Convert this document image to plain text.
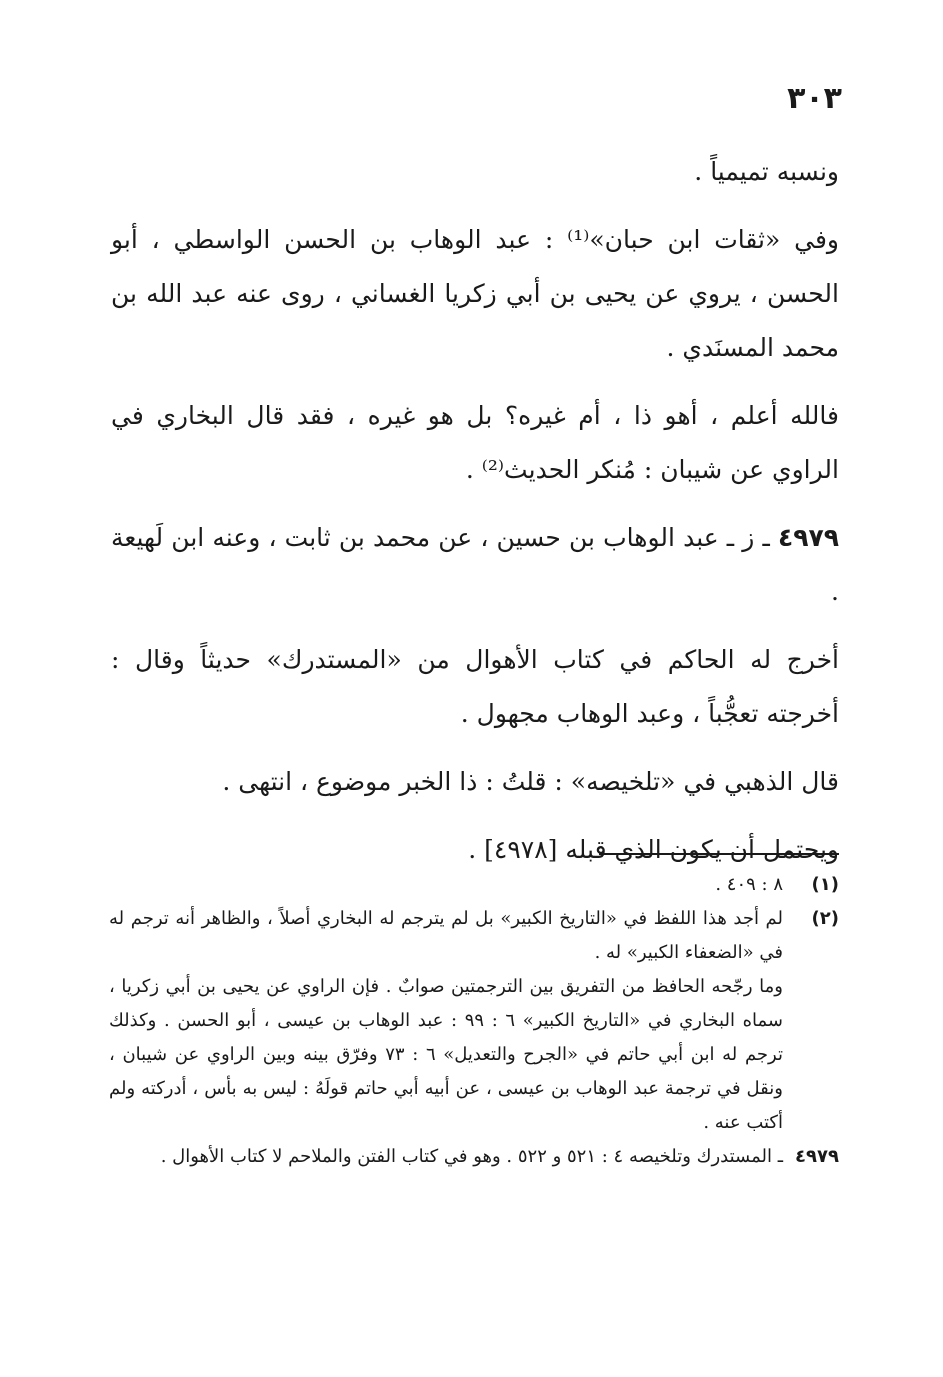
٣٠٣

ونسبه تميمياً .

وفي «ثقات ابن حبان»⁽¹⁾ : عبد الوهاب بن الحسن الواسطي ، أبو الحسن ، يروي عن يحيى بن أبي زكريا الغساني ، روى عنه عبد الله بن محمد المسنَدي .

فالله أعلم ، أهو ذا ، أم غيره؟ بل هو غيره ، فقد قال البخاري في الراوي عن شيبان : مُنكر الحديث⁽²⁾ .

٤٩٧٩ ـ ز ـ عبد الوهاب بن حسين ، عن محمد بن ثابت ، وعنه ابن لَهيعة .

أخرج له الحاكم في كتاب الأهوال من «المستدرك» حديثاً وقال : أخرجته تعجُّباً ، وعبد الوهاب مجهول .

قال الذهبي في «تلخيصه» : قلتُ : ذا الخبر موضوع ، انتهى .

ويحتمل أن يكون الذي قبله [٤٩٧٨] .

(١)
٨ : ٤٠٩ .
(٢)
لم أجد هذا اللفظ في «التاريخ الكبير» بل لم يترجم له البخاري أصلاً ، والظاهر أنه ترجم له في «الضعفاء الكبير» له .
وما رجّحه الحافظ من التفريق بين الترجمتين صوابٌ . فإن الراوي عن يحيى بن أبي زكريا ، سماه البخاري في «التاريخ الكبير» ٦ : ٩٩ : عبد الوهاب بن عيسى ، أبو الحسن . وكذلك ترجم له ابن أبي حاتم في «الجرح والتعديل» ٦ : ٧٣ وفرّق بينه وبين الراوي عن شيبان ، ونقل في ترجمة عبد الوهاب بن عيسى ، عن أبيه أبي حاتم قولَهُ : ليس به بأس ، أدركته ولم أكتب عنه .
٤٩٧٩
ـ المستدرك وتلخيصه ٤ : ٥٢١ و ٥٢٢ . وهو في كتاب الفتن والملاحم لا كتاب الأهوال .
